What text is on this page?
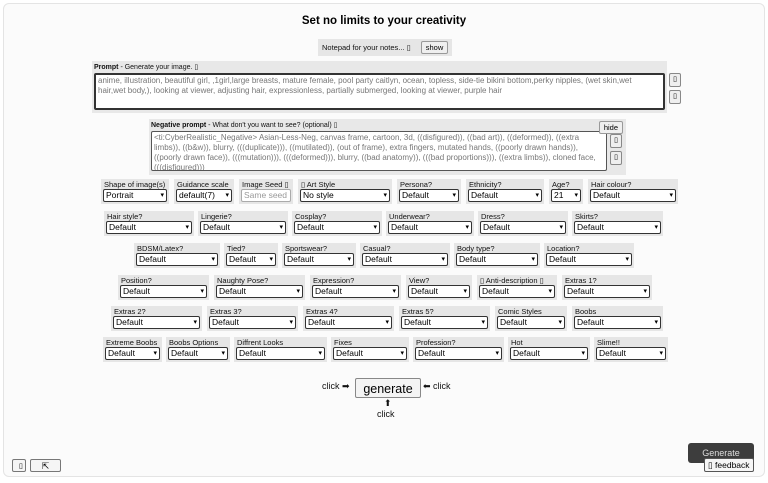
Set no limits to your creativity
Notepad for your notes... ▯	show
Prompt - Generate your image. ▯
anime, illustration, beautiful girl, ,1girl,large breasts, mature female, pool party caitlyn, ocean, topless, side-tie bikini bottom,perky nipples, (wet skin,wet hair,wet body,), looking at viewer, adjusting hair, expressionless, partially submerged, looking at viewer, purple hair
▯
▯
Negative prompt - What don't you want to see? (optional) ▯
<ti:CyberRealistic_Negative> Asian-Less-Neg, canvas frame, cartoon, 3d, ((disfigured)), ((bad art)), ((deformed)), ((extra limbs)), ((b&w)), blurry, (((duplicate))), ((mutilated)), (out of frame), extra fingers, mutated hands, ((poorly drawn hands)), ((poorly drawn face)), (((mutation))), (((deformed))), blurry, ((bad anatomy)), (((bad proportions))), ((extra limbs)), cloned face, (((disfigured)))	hide
▯
▯
Shape of image(s)
Portrait	▾
Guidance scale
default(7) ▾
Image Seed ▯
Same seed
▯ Art Style
No style	▾
Persona?
Default	▾
Ethnicity?
Default	▾
Age?
21 ▾
Hair colour?
Default	▾
Hair style?
Default	▾
Lingerie?
Default	▾
Cosplay?
Default	▾
Underwear?
Default	▾
Dress?
Default	▾
Skirts?
Default	▾
BDSM/Latex?
Default	▾
Tied?
Default ▾
Sportswear?
Default	▾
Casual?
Default	▾
Body type?
Default	▾
Location?
Default	▾
Position?
Default	▾
Naughty Pose?
Default	▾
Expression?
Default	▾
View?
Default	▾
▯ Anti-description ▯
Default	▾
Extras 1?
Default	▾
Extras 2?
Default	▾
Extras 3?
Default	▾
Extras 4?
Default	▾
Extras 5?
Default	▾
Comic Styles
Default	▾
Boobs
Default	▾
Extreme Boobs
Default	▾
Boobs Options
Default	▾
Diffrent Looks
Default	▾
Fixes
Default	▾
Profession?
Default	▾
Hot
Default	▾
Slime!!
Default	▾
click ➡	generate	⬅ click
⬆
click
Generate
▯ feedback
▯	⇱
